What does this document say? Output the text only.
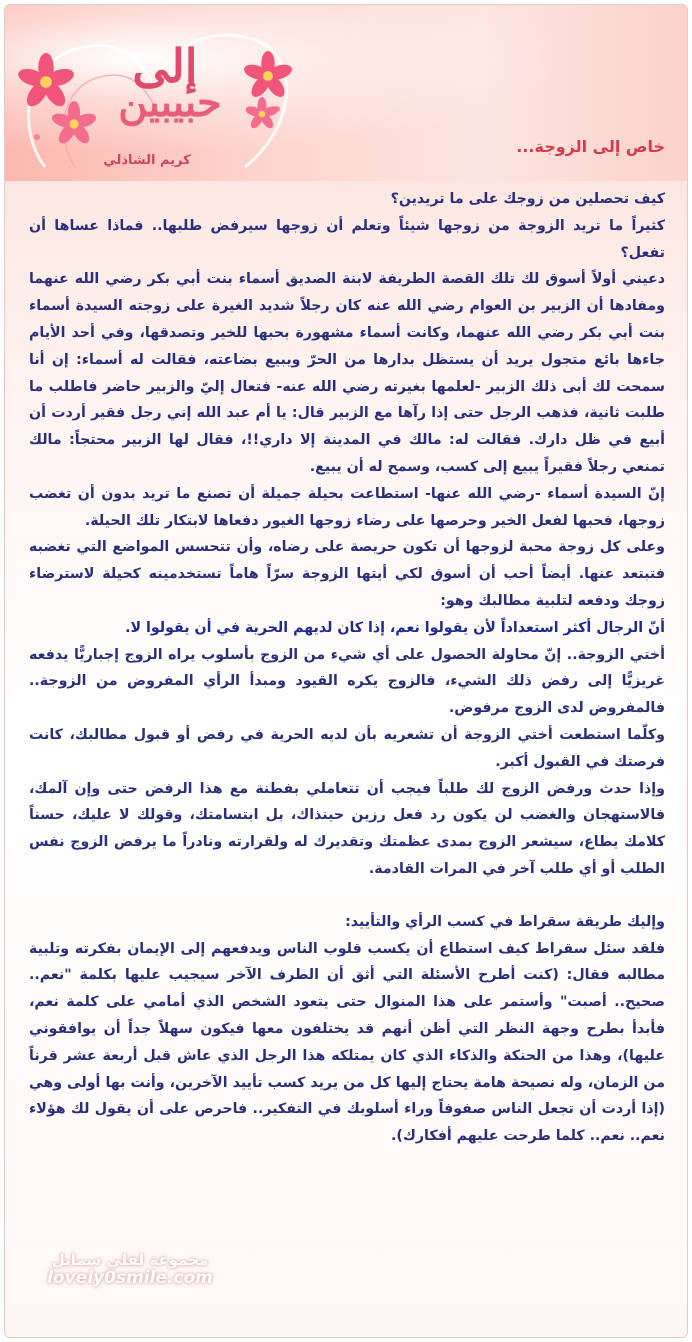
إلى
حبيبين
كريم الشاذلي
خاص إلى الزوجة...

كيف تحصلين من زوجك على ما تريدين؟

كثيراً ما تريد الزوجة من زوجها شيئاً وتعلم أن زوجها سيرفض طلبها.. فماذا عساها أن تفعل؟

دعيني أولاً أسوق لك تلك القصة الطريفة لابنة الصديق أسماء بنت أبي بكر رضي الله عنهما ومفادها أن الزبير بن العوام رضي الله عنه كان رجلاً شديد الغيرة على زوجته السيدة أسماء بنت أبي بكر رضي الله عنهما، وكانت أسماء مشهورة بحبها للخير وتصدقها، وفي أحد الأيام جاءها بائع متجول يريد أن يستظل بدارها من الحرّ ويبيع بضاعته، فقالت له أسماء: إن أنا سمحت لك أبى ذلك الزبير -لعلمها بغيرته رضي الله عنه- فتعال إليّ والزبير حاضر فاطلب ما طلبت ثانية، فذهب الرجل حتى إذا رآها مع الزبير قال: يا أم عبد الله إني رجل فقير أردت أن أبيع في ظل دارك. فقالت له: مالك في المدينة إلا داري!!، فقال لها الزبير محتجاً: مالك تمنعي رجلاً فقيراً يبيع إلى كسب، وسمح له أن يبيع.

إنّ السيدة أسماء -رضي الله عنها- استطاعت بحيلة جميلة أن تصنع ما تريد بدون أن تغضب زوجها، فحبها لفعل الخير وحرصها على رضاء زوجها الغيور دفعاها لابتكار تلك الحيلة.

وعلى كل زوجة محبة لزوجها أن تكون حريصة على رضاه، وأن تتحسس المواضع التي تغضبه فتبتعد عنها. أيضاً أحب أن أسوق لكي أيتها الزوجة سرّاً هاماً تستخدمينه كحيلة لاسترضاء زوجك ودفعه لتلبية مطالبك وهو:

أنّ الرجال أكثر استعداداً لأن يقولوا نعم، إذا كان لديهم الحرية في أن يقولوا لا.

أختي الزوجة.. إنّ محاولة الحصول على أي شيء من الزوج بأسلوب يراه الزوج إجباريًّا يدفعه غريزيًّا إلى رفض ذلك الشيء، فالزوج يكره القيود ومبدأ الرأي المفروض من الزوجة.. فالمفروض لدى الزوج مرفوض.

وكلّما استطعت أختي الزوجة أن تشعريه بأن لديه الحرية في رفض أو قبول مطالبك، كانت فرصتك في القبول أكبر.

وإذا حدث ورفض الزوج لك طلباً فيجب أن تتعاملي بفطنة مع هذا الرفض حتى وإن آلمك، فالاستهجان والغضب لن يكون رد فعل رزين حينذاك، بل ابتسامتك، وقولك لا عليك، حسناً كلامك يطاع، سيشعر الزوج بمدى عظمتك وتقديرك له ولقرارته ونادراً ما يرفض الزوج نفس الطلب أو أي طلب آخر في المرات القادمة.

وإليك طريقة سقراط في كسب الرأي والتأييد:

فلقد سئل سقراط كيف استطاع أن يكسب قلوب الناس ويدفعهم إلى الإيمان بفكرته وتلبية مطالبه فقال: (كنت أطرح الأسئلة التي أثق أن الطرف الآخر سيجيب عليها بكلمة "نعم.. صحيح.. أصبت" وأستمر على هذا المنوال حتى يتعود الشخص الذي أمامي على كلمة نعم، فأبدأ بطرح وجهة النظر التي أظن أنهم قد يختلفون معها فيكون سهلاً جداً أن يوافقوني عليها)، وهذا من الحنكة والذكاء الذي كان يمتلكه هذا الرجل الذي عاش قبل أربعة عشر قرناً من الزمان، وله نصيحة هامة يحتاج إليها كل من يريد كسب تأييد الآخرين، وأنت بها أولى وهي (إذا أردت أن تجعل الناس صفوفاً وراء أسلوبك في التفكير.. فاحرص على أن يقول لك هؤلاء نعم.. نعم.. كلما طرحت عليهم أفكارك).

مجموعة لفلي سمايل
lovely0smile.com
